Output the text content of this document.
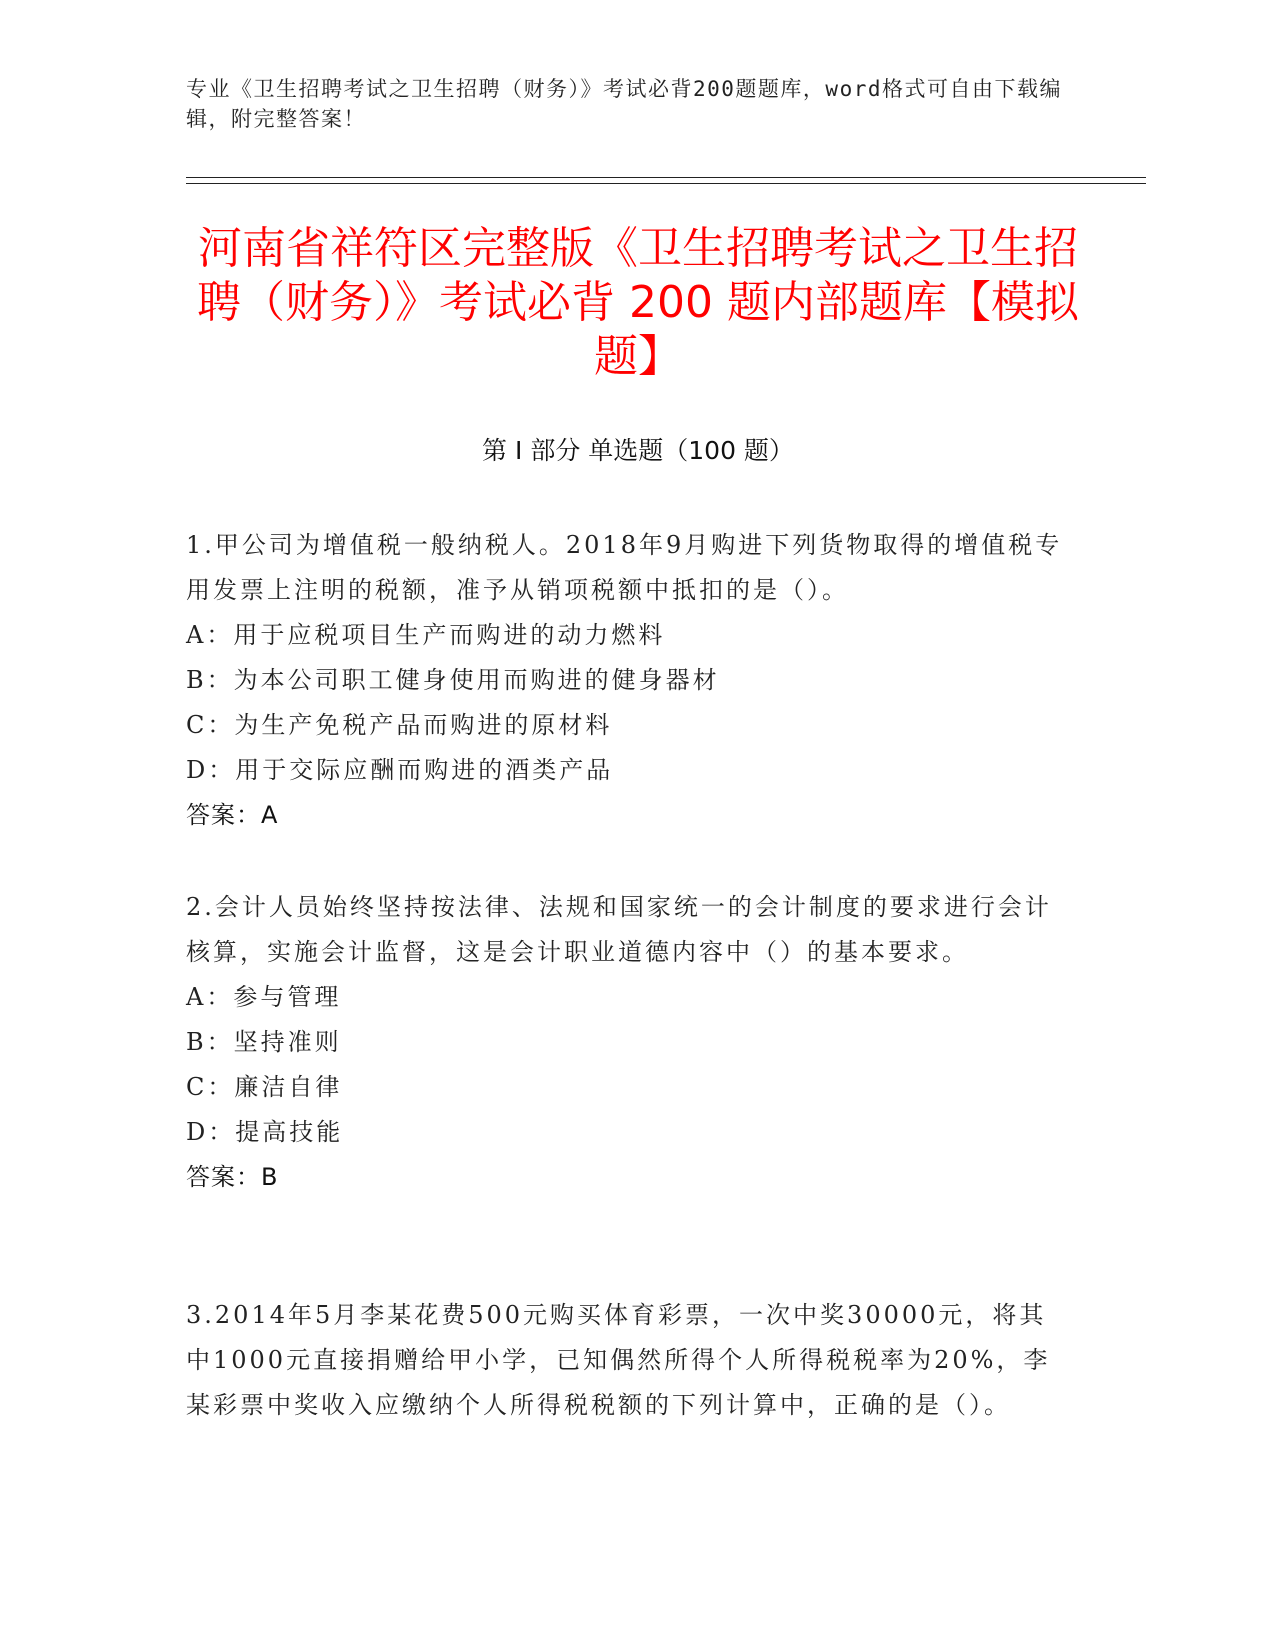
专业《卫生招聘考试之卫生招聘（财务）》考试必背200题题库，word格式可自由下载编辑，附完整答案！
河南省祥符区完整版《卫生招聘考试之卫生招聘（财务）》考试必背 200 题内部题库【模拟题】
第 I 部分 单选题（100 题）

1.甲公司为增值税一般纳税人。2018年9月购进下列货物取得的增值税专用发票上注明的税额，准予从销项税额中抵扣的是（）。

A：用于应税项目生产而购进的动力燃料

B：为本公司职工健身使用而购进的健身器材

C：为生产免税产品而购进的原材料

D：用于交际应酬而购进的酒类产品

答案：A

2.会计人员始终坚持按法律、法规和国家统一的会计制度的要求进行会计核算，实施会计监督，这是会计职业道德内容中（）的基本要求。

A：参与管理

B：坚持准则

C：廉洁自律

D：提高技能

答案：B

3.2014年5月李某花费500元购买体育彩票，一次中奖30000元，将其中1000元直接捐赠给甲小学，已知偶然所得个人所得税税率为20%，李某彩票中奖收入应缴纳个人所得税税额的下列计算中，正确的是（）。
